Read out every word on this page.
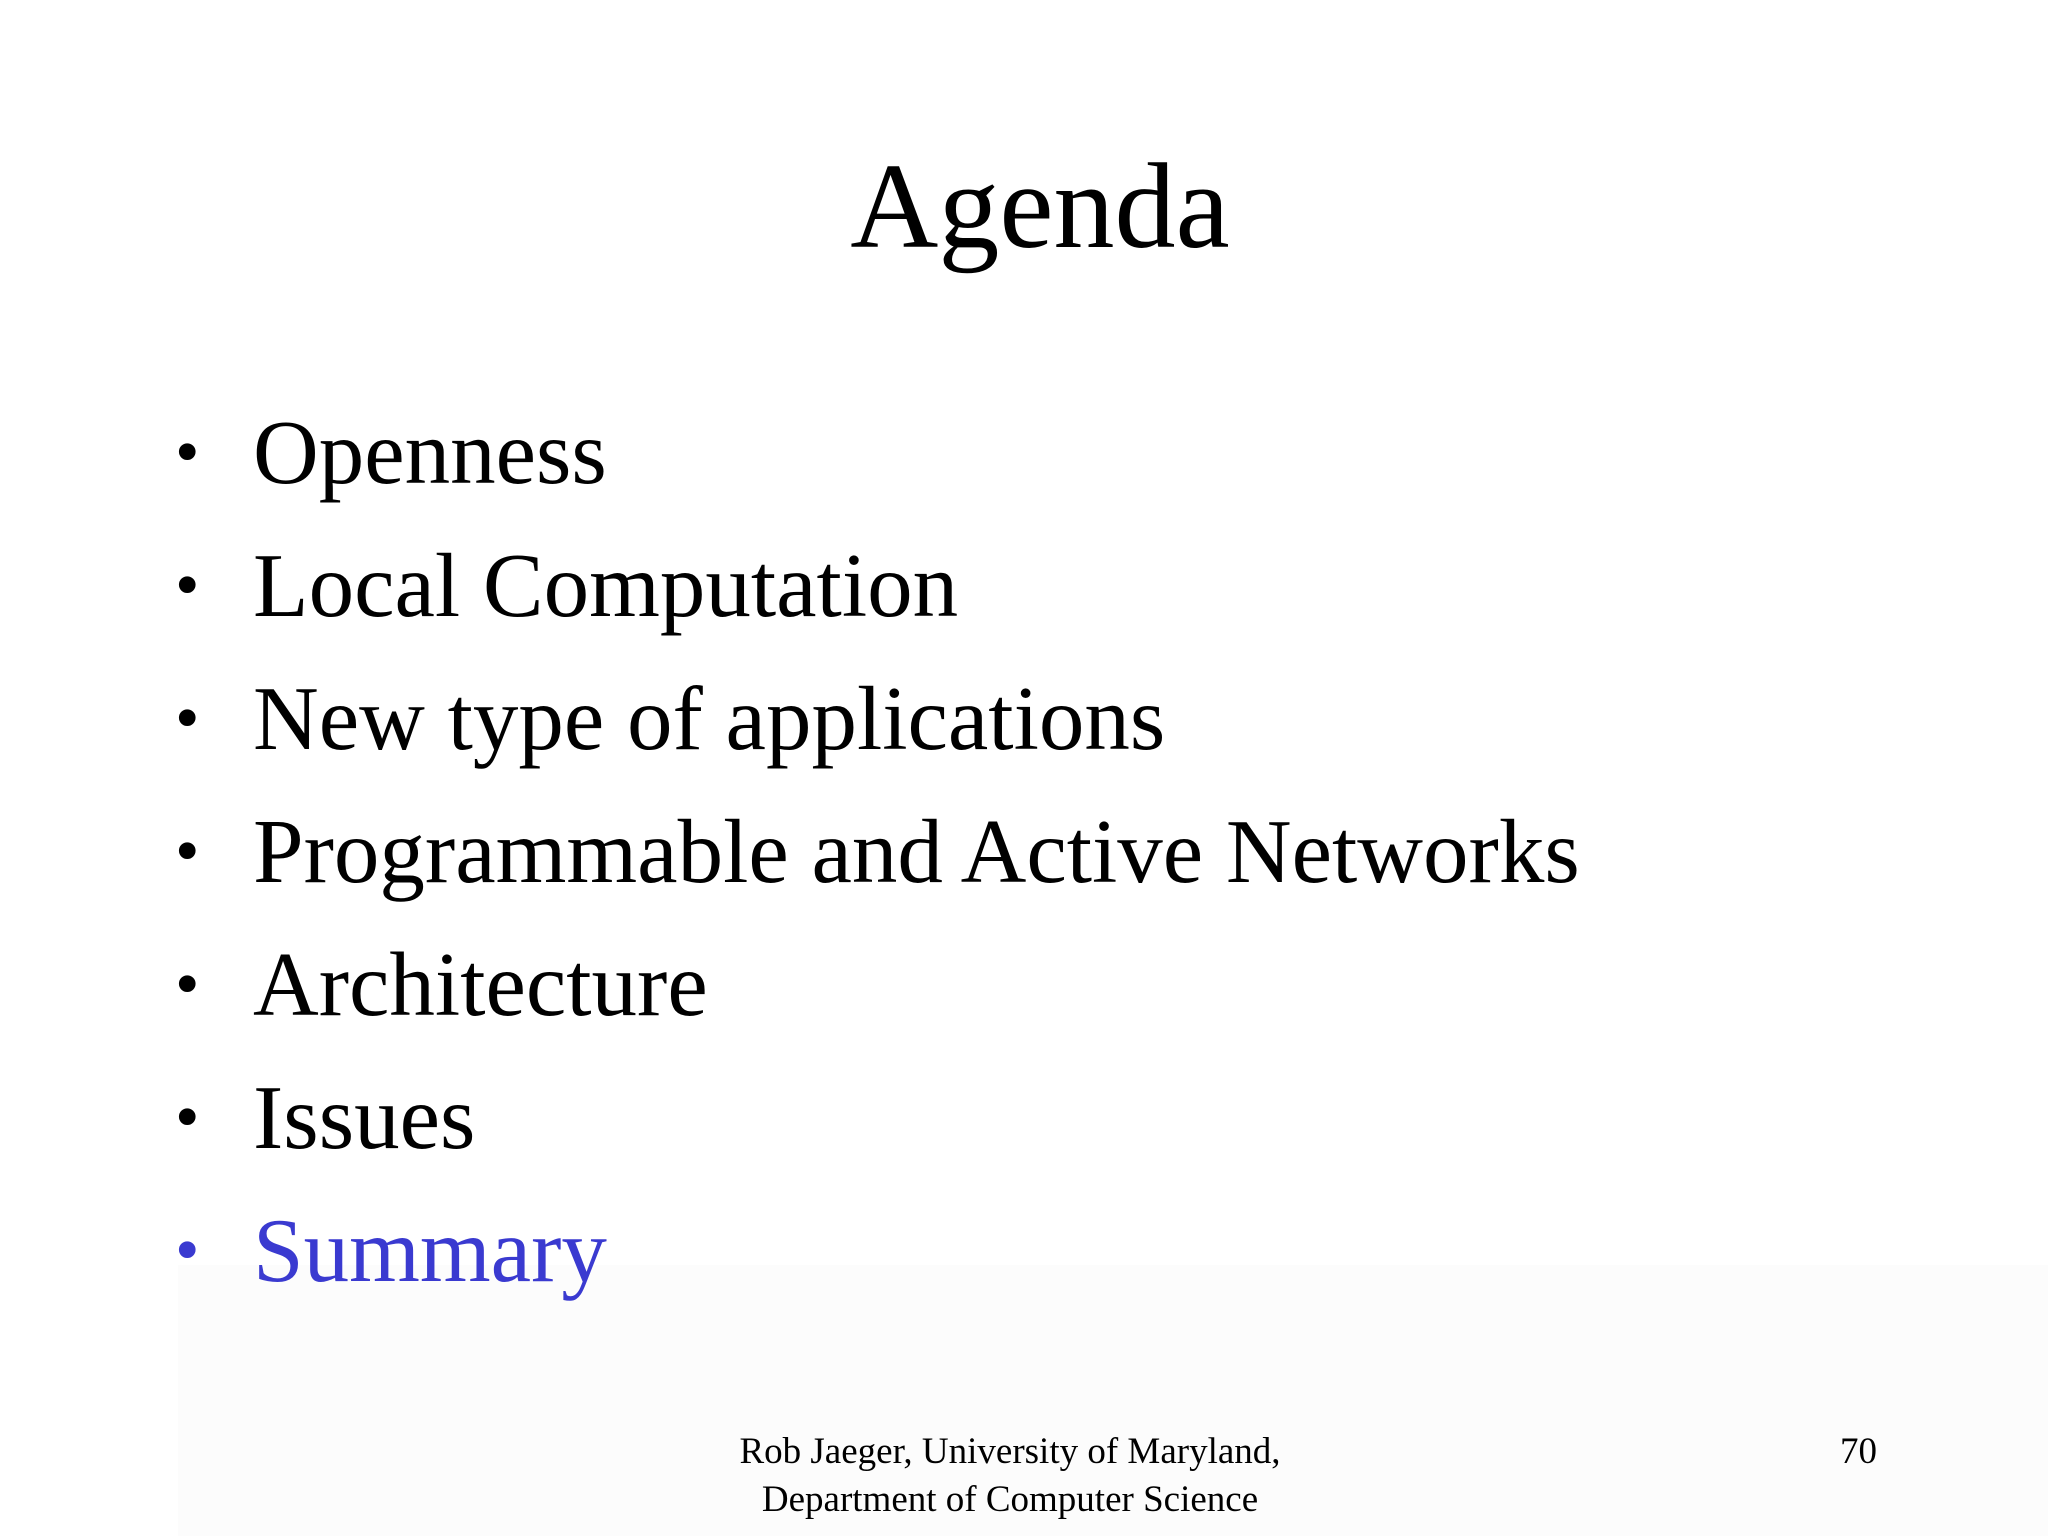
Agenda
• Openness
• Local Computation
• New type of applications
• Programmable and Active Networks
• Architecture
• Issues
• Summary
Rob Jaeger, University of Maryland,
Department of Computer Science
70
